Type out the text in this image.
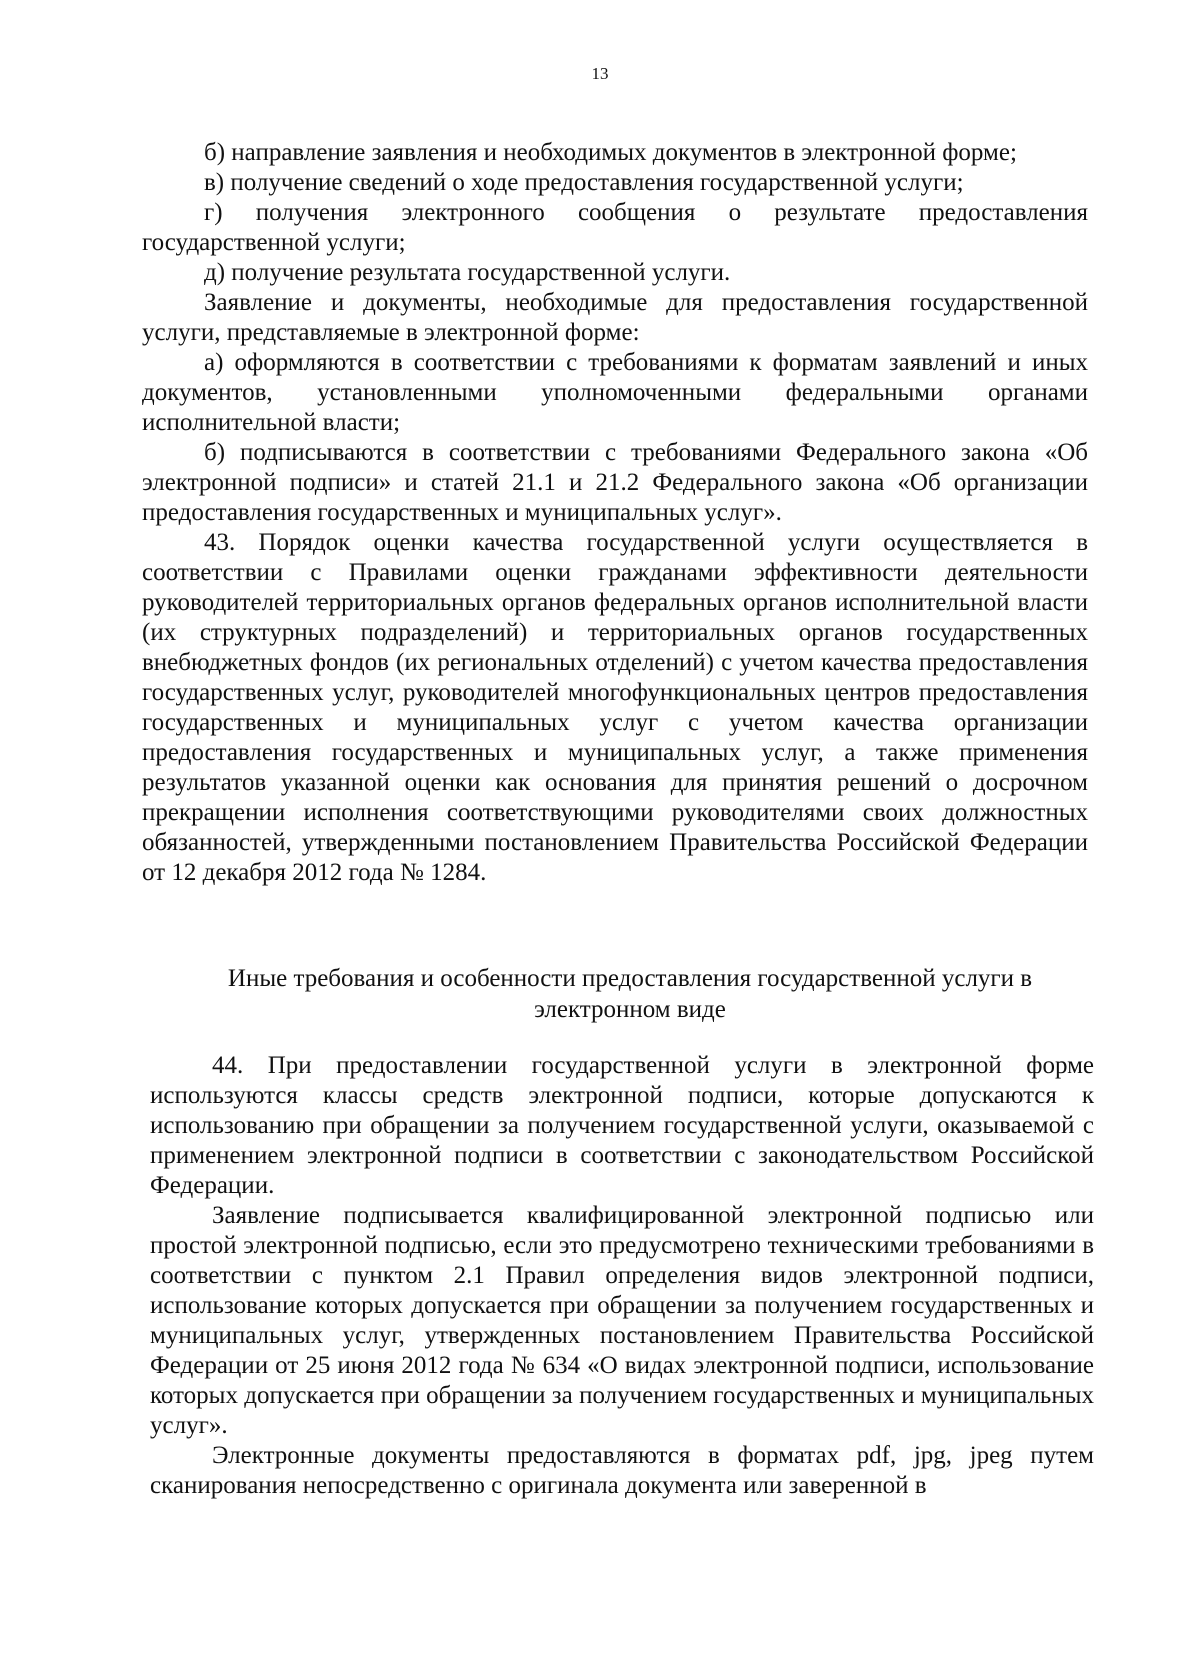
13

б) направление заявления и необходимых документов в электронной форме;

в) получение сведений о ходе предоставления государственной услуги;

г) получения электронного сообщения о результате предоставления государственной услуги;

д) получение результата государственной услуги.

Заявление и документы, необходимые для предоставления государственной услуги, представляемые в электронной форме:

а) оформляются в соответствии с требованиями к форматам заявлений и иных документов, установленными уполномоченными федеральными органами исполнительной власти;

б) подписываются в соответствии с требованиями Федерального закона «Об электронной подписи» и статей 21.1 и 21.2 Федерального закона «Об организации предоставления государственных и муниципальных услуг».

43. Порядок оценки качества государственной услуги осуществляется в соответствии с Правилами оценки гражданами эффективности деятельности руководителей территориальных органов федеральных органов исполнительной власти (их структурных подразделений) и территориальных органов государственных внебюджетных фондов (их региональных отделений) с учетом качества предоставления государственных услуг, руководителей многофункциональных центров предоставления государственных и муниципальных услуг с учетом качества организации предоставления государственных и муниципальных услуг, а также применения результатов указанной оценки как основания для принятия решений о досрочном прекращении исполнения соответствующими руководителями своих должностных обязанностей, утвержденными постановлением Правительства Российской Федерации от 12 декабря 2012 года № 1284.

Иные требования и особенности предоставления государственной услуги в электронном виде

44. При предоставлении государственной услуги в электронной форме используются классы средств электронной подписи, которые допускаются к использованию при обращении за получением государственной услуги, оказываемой с применением электронной подписи в соответствии с законодательством Российской Федерации.

Заявление подписывается квалифицированной электронной подписью или простой электронной подписью, если это предусмотрено техническими требованиями в соответствии с пунктом 2.1 Правил определения видов электронной подписи, использование которых допускается при обращении за получением государственных и муниципальных услуг, утвержденных постановлением Правительства Российской Федерации от 25 июня 2012 года № 634 «О видах электронной подписи, использование которых допускается при обращении за получением государственных и муниципальных услуг».

Электронные документы предоставляются в форматах pdf, jpg, jpeg путем сканирования непосредственно с оригинала документа или заверенной в
